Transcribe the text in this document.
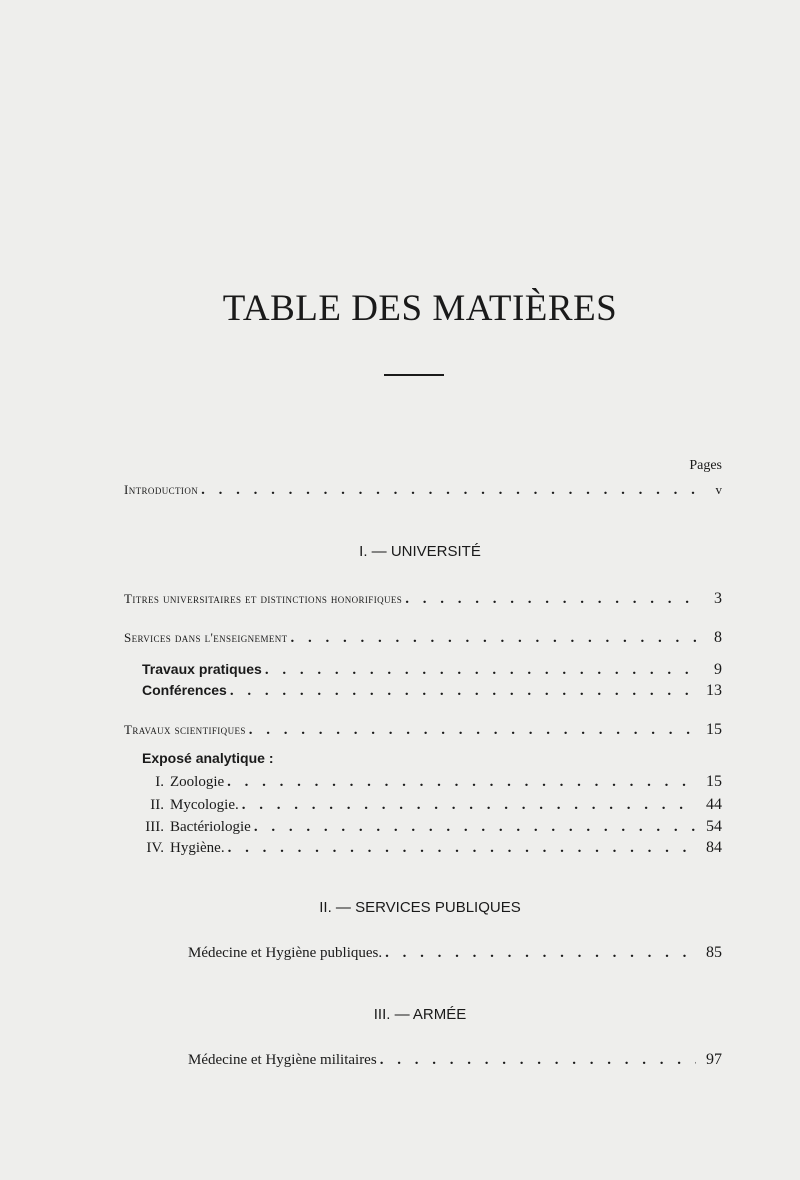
TABLE DES MATIÈRES
Pages
Introduction . . .	v
I. — UNIVERSITÉ
Titres universitaires et distinctions honorifiques . . .	3
Services dans l'enseignement . . .	8
Travaux pratiques . . .	9
Conférences . . .	13
Travaux scientifiques . . .	15
Exposé analytique :
I. Zoologie . . .	15
II. Mycologie. . . .	44
III. Bactériologie . . .	54
IV. Hygiène. . . .	84
II. — SERVICES PUBLIQUES
Médecine et Hygiène publiques. . . .	85
III. — ARMÉE
Médecine et Hygiène militaires . . .	97
